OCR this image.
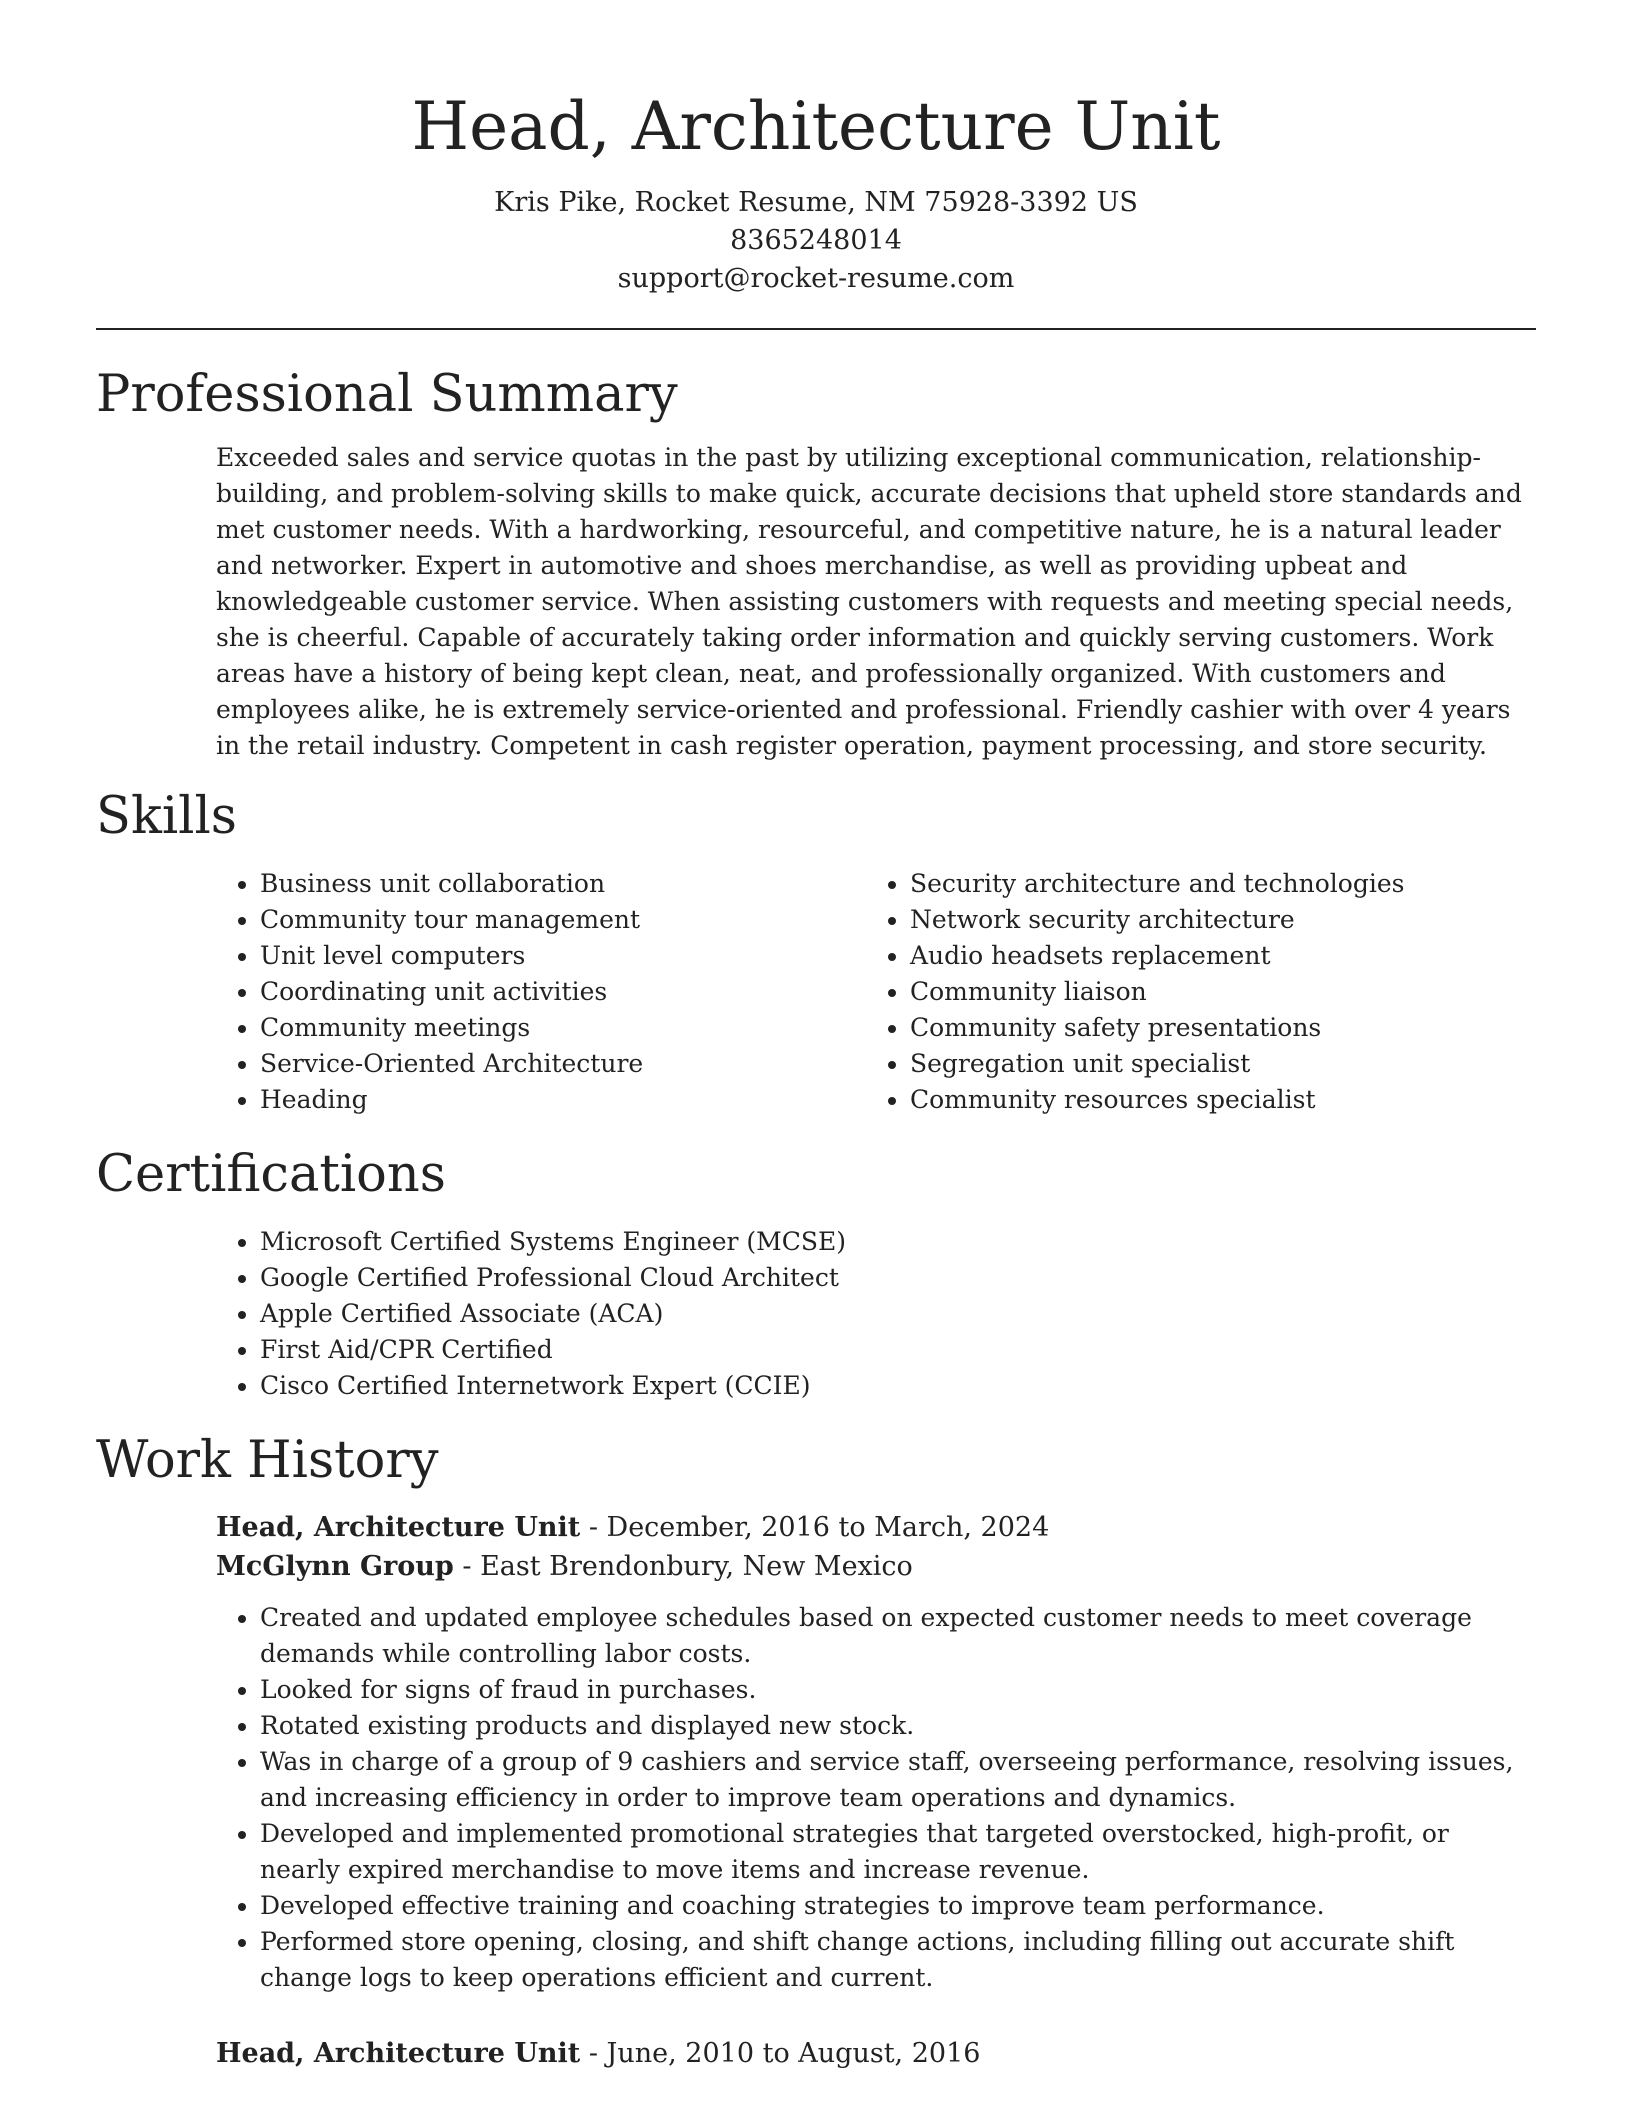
Head, Architecture Unit
Kris Pike, Rocket Resume, NM 75928-3392 US
8365248014
support@rocket-resume.com
Professional Summary

Exceeded sales and service quotas in the past by utilizing exceptional communication, relationship-building, and problem-solving skills to make quick, accurate decisions that upheld store standards and met customer needs. With a hardworking, resourceful, and competitive nature, he is a natural leader and networker. Expert in automotive and shoes merchandise, as well as providing upbeat and knowledgeable customer service. When assisting customers with requests and meeting special needs, she is cheerful. Capable of accurately taking order information and quickly serving customers. Work areas have a history of being kept clean, neat, and professionally organized. With customers and employees alike, he is extremely service-oriented and professional. Friendly cashier with over 4 years in the retail industry. Competent in cash register operation, payment processing, and store security.

Skills
• Business unit collaboration
• Community tour management
• Unit level computers
• Coordinating unit activities
• Community meetings
• Service-Oriented Architecture
• Heading
• Security architecture and technologies
• Network security architecture
• Audio headsets replacement
• Community liaison
• Community safety presentations
• Segregation unit specialist
• Community resources specialist
Certifications
• Microsoft Certified Systems Engineer (MCSE)
• Google Certified Professional Cloud Architect
• Apple Certified Associate (ACA)
• First Aid/CPR Certified
• Cisco Certified Internetwork Expert (CCIE)
Work History
Head, Architecture Unit - December, 2016 to March, 2024
McGlynn Group - East Brendonbury, New Mexico
• Created and updated employee schedules based on expected customer needs to meet coverage demands while controlling labor costs.
• Looked for signs of fraud in purchases.
• Rotated existing products and displayed new stock.
• Was in charge of a group of 9 cashiers and service staff, overseeing performance, resolving issues, and increasing efficiency in order to improve team operations and dynamics.
• Developed and implemented promotional strategies that targeted overstocked, high-profit, or nearly expired merchandise to move items and increase revenue.
• Developed effective training and coaching strategies to improve team performance.
• Performed store opening, closing, and shift change actions, including filling out accurate shift change logs to keep operations efficient and current.
Head, Architecture Unit - June, 2010 to August, 2016
